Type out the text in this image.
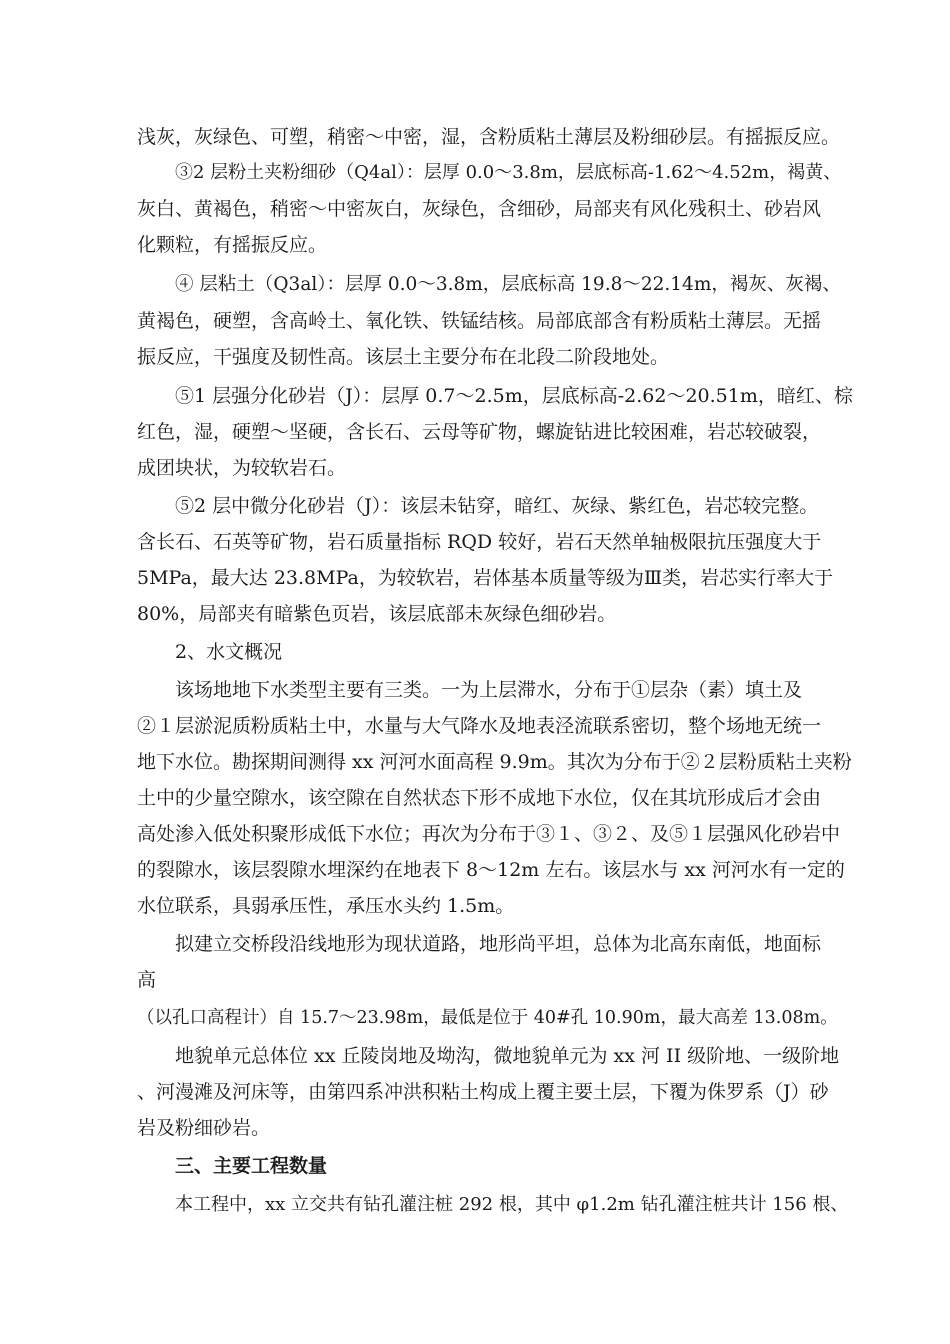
浅灰，灰绿色、可塑，稍密～中密，湿，含粉质粘土薄层及粉细砂层。有摇振反应。
③2 层粉土夹粉细砂（Q4al）：层厚 0.0～3.8m，层底标高-1.62～4.52m，褐黄、
灰白、黄褐色，稍密～中密灰白，灰绿色，含细砂，局部夹有风化残积土、砂岩风
化颗粒，有摇振反应。
④ 层粘土（Q3al）：层厚 0.0～3.8m，层底标高 19.8～22.14m，褐灰、灰褐、
黄褐色，硬塑，含高岭土、氧化铁、铁锰结核。局部底部含有粉质粘土薄层。无摇
振反应，干强度及韧性高。该层土主要分布在北段二阶段地处。
⑤1 层强分化砂岩（J）：层厚 0.7～2.5m，层底标高-2.62～20.51m，暗红、棕
红色，湿，硬塑～坚硬，含长石、云母等矿物，螺旋钻进比较困难，岩芯较破裂，
成团块状，为较软岩石。
⑤2 层中微分化砂岩（J）：该层未钻穿，暗红、灰绿、紫红色，岩芯较完整。
含长石、石英等矿物，岩石质量指标 RQD 较好，岩石天然单轴极限抗压强度大于
5MPa，最大达 23.8MPa，为较软岩，岩体基本质量等级为Ⅲ类，岩芯实行率大于
80%，局部夹有暗紫色页岩，该层底部未灰绿色细砂岩。
2、水文概况
该场地地下水类型主要有三类。一为上层滞水，分布于①层杂（素）填土及
②１层淤泥质粉质粘土中，水量与大气降水及地表泾流联系密切，整个场地无统一
地下水位。勘探期间测得 xx 河河水面高程 9.9m。其次为分布于②２层粉质粘土夹粉
土中的少量空隙水，该空隙在自然状态下形不成地下水位，仅在其坑形成后才会由
高处渗入低处积聚形成低下水位；再次为分布于③１、③２、及⑤１层强风化砂岩中
的裂隙水，该层裂隙水埋深约在地表下 8～12m 左右。该层水与 xx 河河水有一定的
水位联系，具弱承压性，承压水头约 1.5m。
拟建立交桥段沿线地形为现状道路，地形尚平坦，总体为北高东南低，地面标
高
（以孔口高程计）自 15.7～23.98m，最低是位于 40#孔 10.90m，最大高差 13.08m。
地貌单元总体位 xx 丘陵岗地及坳沟，微地貌单元为 xx 河 II 级阶地、一级阶地
、河漫滩及河床等，由第四系冲洪积粘土构成上覆主要土层，下覆为侏罗系（J）砂
岩及粉细砂岩。
三、主要工程数量
本工程中，xx 立交共有钻孔灌注桩 292 根，其中 φ1.2m 钻孔灌注桩共计 156 根、
